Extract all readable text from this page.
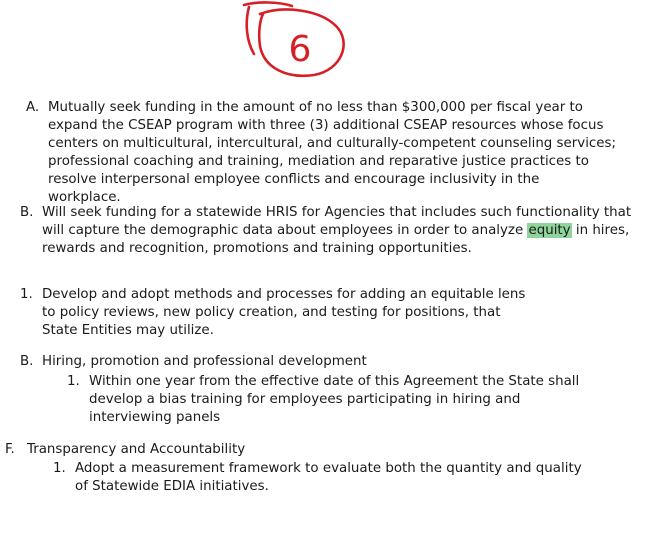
6
A. Mutually seek funding in the amount of no less than $300,000 per fiscal year to expand the CSEAP program with three (3) additional CSEAP resources whose focus centers on multicultural, intercultural, and culturally-competent counseling services; professional coaching and training, mediation and reparative justice practices to resolve interpersonal employee conflicts and encourage inclusivity in the workplace.
B. Will seek funding for a statewide HRIS for Agencies that includes such functionality that will capture the demographic data about employees in order to analyze equity in hires, rewards and recognition, promotions and training opportunities.
1. Develop and adopt methods and processes for adding an equitable lens to policy reviews, new policy creation, and testing for positions, that State Entities may utilize.
B. Hiring, promotion and professional development
1. Within one year from the effective date of this Agreement the State shall develop a bias training for employees participating in hiring and interviewing panels
F. Transparency and Accountability
1. Adopt a measurement framework to evaluate both the quantity and quality of Statewide EDIA initiatives.
